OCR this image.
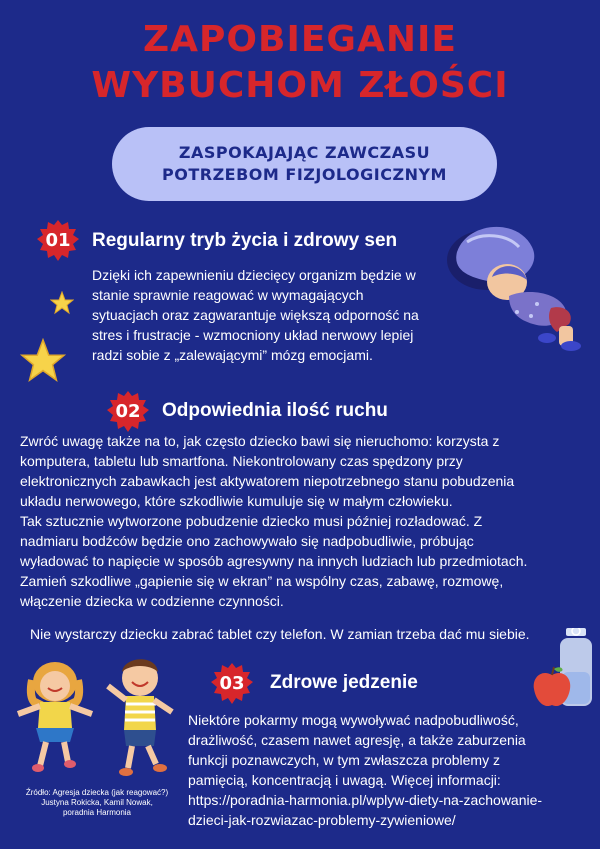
ZAPOBIEGANIE
WYBUCHOM ZŁOŚCI
ZASPOKAJAJĄC ZAWCZASU
POTRZEBOM FIZJOLOGICZNYM
01	Regularny tryb życia i zdrowy sen
Dzięki ich zapewnieniu dziecięcy organizm będzie w
stanie sprawnie reagować w wymagających
sytuacjach oraz zagwarantuje większą odporność na
stres i frustracje - wzmocniony układ nerwowy lepiej
radzi sobie z „zalewającymi” mózg emocjami.
02	Odpowiednia ilość ruchu
Zwróć uwagę także na to, jak często dziecko bawi się nieruchomo: korzysta z
komputera, tabletu lub smartfona. Niekontrolowany czas spędzony przy
elektronicznych zabawkach jest aktywatorem niepotrzebnego stanu pobudzenia
układu nerwowego, które szkodliwie kumuluje się w małym człowieku.
Tak sztucznie wytworzone pobudzenie dziecko musi później rozładować. Z
nadmiaru bodźców będzie ono zachowywało się nadpobudliwie, próbując
wyładować to napięcie w sposób agresywny na innych ludziach lub przedmiotach.
Zamień szkodliwe „gapienie się w ekran” na wspólny czas, zabawę, rozmowę,
włączenie dziecka w codzienne czynności.
Nie wystarczy dziecku zabrać tablet czy telefon. W zamian trzeba dać mu siebie.
03	Zdrowe jedzenie
Niektóre pokarmy mogą wywoływać nadpobudliwość,
drażliwość, czasem nawet agresję, a także zaburzenia
funkcji poznawczych, w tym zwłaszcza problemy z
pamięcią, koncentracją i uwagą. Więcej informacji:
https://poradnia-harmonia.pl/wplyw-diety-na-zachowanie-
dzieci-jak-rozwiazac-problemy-zywieniowe/
Źródło: Agresja dziecka (jak reagować?)
Justyna Rokicka, Kamil Nowak,
poradnia Harmonia
